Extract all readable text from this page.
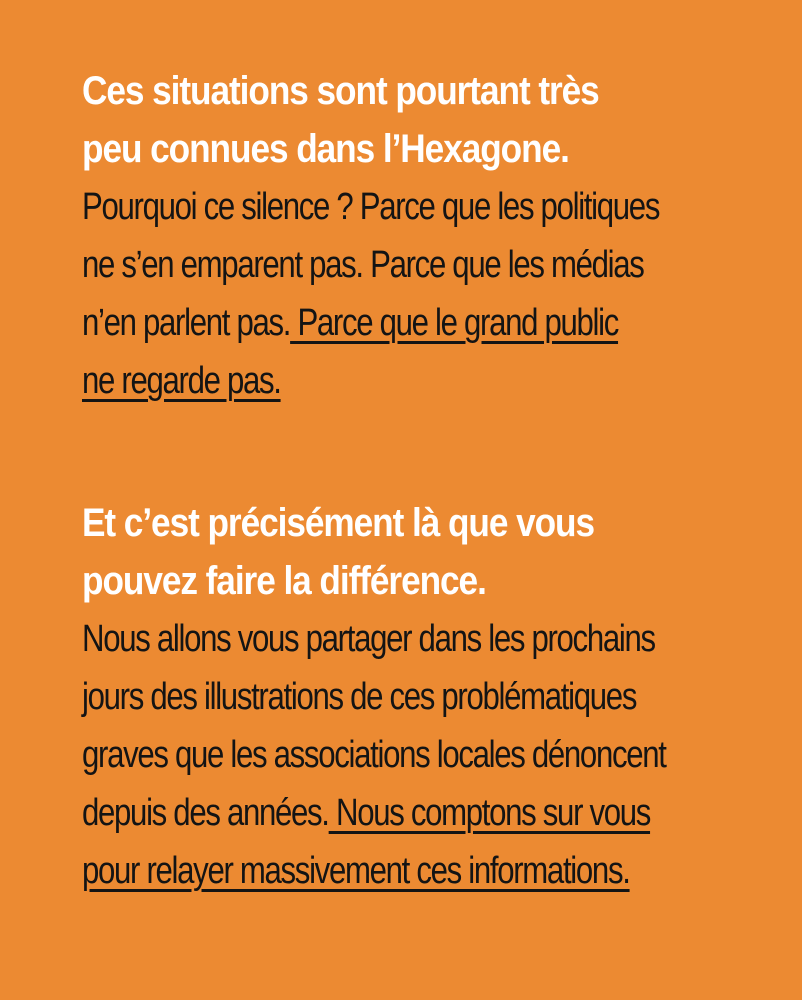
Ces situations sont pourtant très
peu connues dans l’Hexagone.
Pourquoi ce silence ? Parce que les politiques
ne s’en emparent pas. Parce que les médias
n’en parlent pas. Parce que le grand public
ne regarde pas.
Et c’est précisément là que vous
pouvez faire la différence.
Nous allons vous partager dans les prochains
jours des illustrations de ces problématiques
graves que les associations locales dénoncent
depuis des années. Nous comptons sur vous
pour relayer massivement ces informations.
